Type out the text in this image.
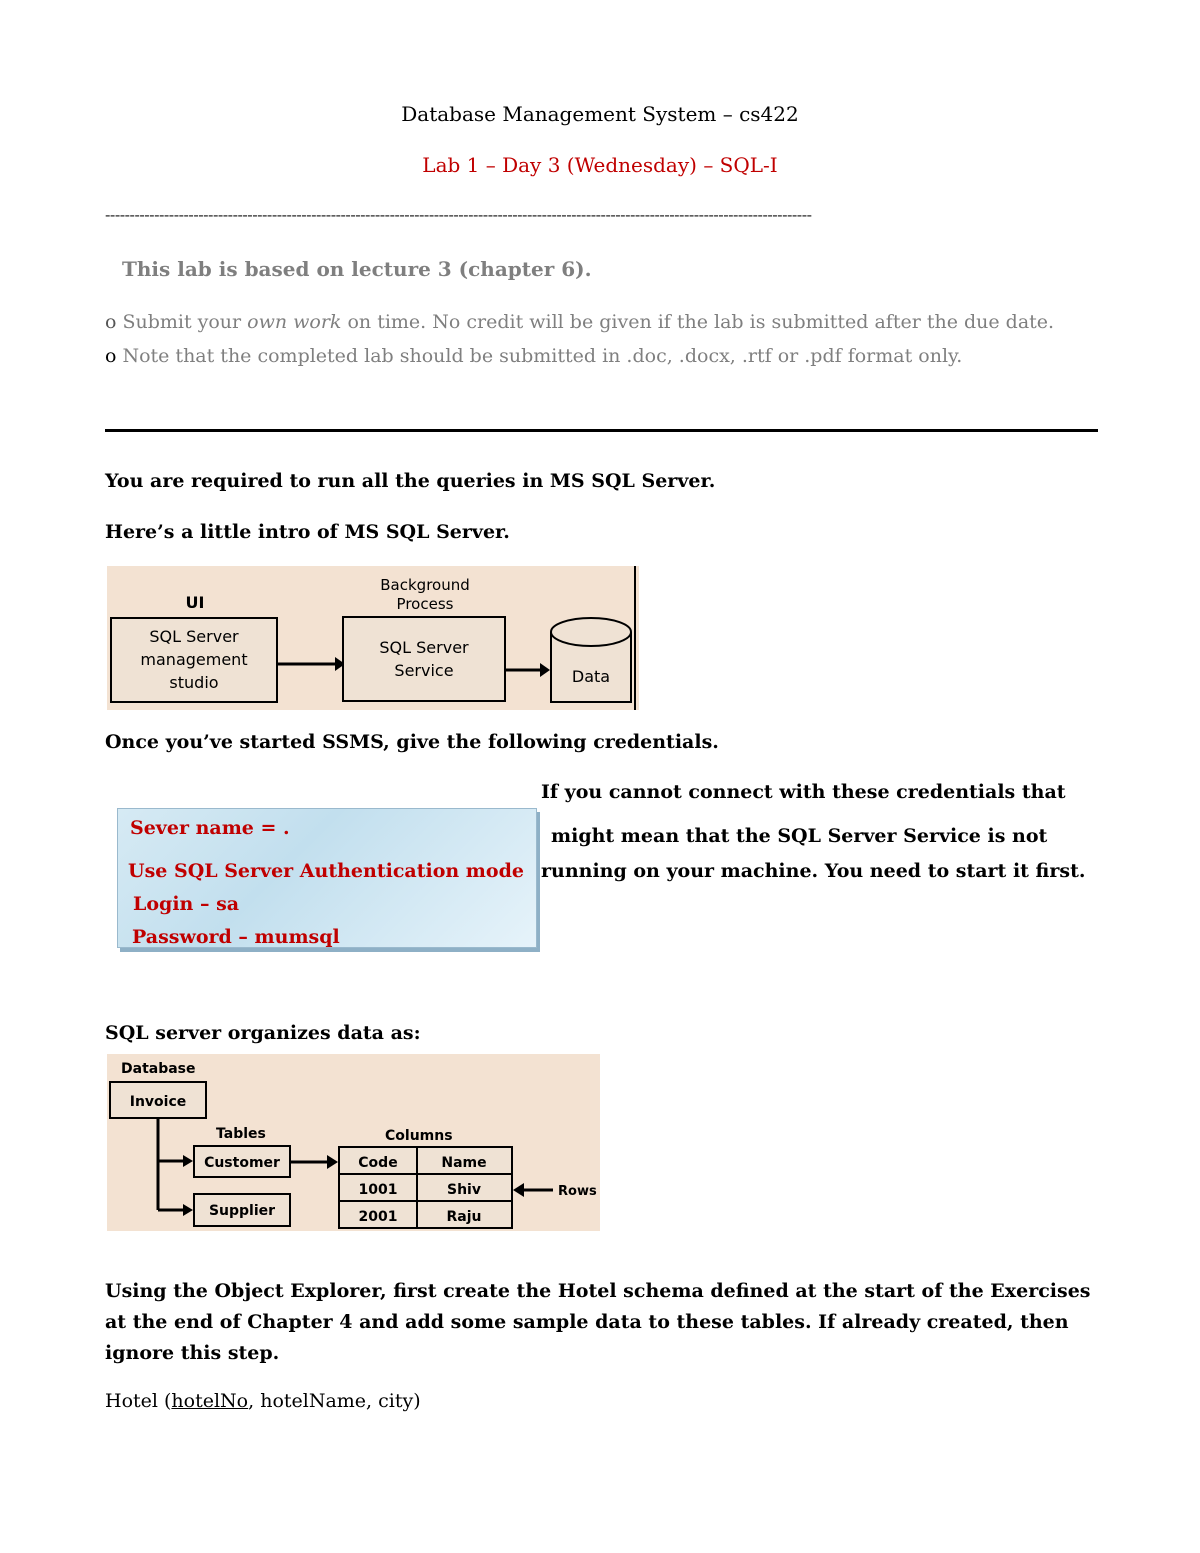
Database Management System – cs422
Lab 1 – Day 3 (Wednesday) – SQL-I
------------------------------------------------------------------------------------------------------------------------------------------------
This lab is based on lecture 3 (chapter 6).
o Submit your own work on time. No credit will be given if the lab is submitted after the due date.
o Note that the completed lab should be submitted in .doc, .docx, .rtf or .pdf format only.
You are required to run all the queries in MS SQL Server.
Here’s a little intro of MS SQL Server.
UI
SQL Server
management
studio
Background
Process
SQL Server
Service	Data
Once you’ve started SSMS, give the following credentials.
Sever name = .
Use SQL Server Authentication mode
Login – sa
Password – mumsql
If you cannot connect with these credentials that
might mean that the SQL Server Service is not
running on your machine. You need to start it first.
SQL server organizes data as:
Database
Invoice
Tables
Customer
Supplier
Columns
Code	Name
1001	Shiv
2001	Raju
Rows
Using the Object Explorer, first create the Hotel schema defined at the start of the Exercises at the end of Chapter 4 and add some sample data to these tables. If already created, then ignore this step.
Hotel (hotelNo, hotelName, city)
